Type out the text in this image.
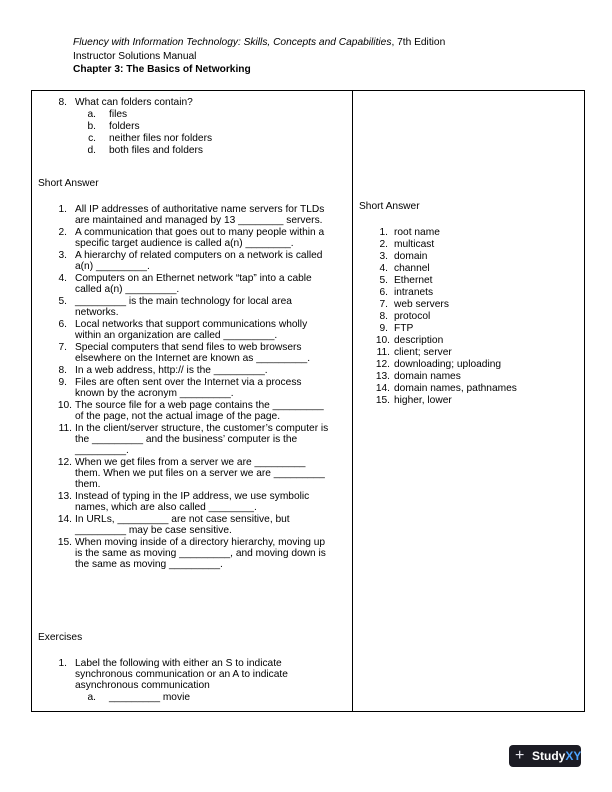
Fluency with Information Technology: Skills, Concepts and Capabilities, 7th Edition
Instructor Solutions Manual
Chapter 3: The Basics of Networking
8. What can folders contain?
a. files
b. folders
c. neither files nor folders
d. both files and folders
Short Answer
1. All IP addresses of authoritative name servers for TLDs
are maintained and managed by 13 ________ servers.
2. A communication that goes out to many people within a
specific target audience is called a(n) ________.
3. A hierarchy of related computers on a network is called
a(n) _________.
4. Computers on an Ethernet network “tap” into a cable
called a(n) _________.
5. _________ is the main technology for local area
networks.
6. Local networks that support communications wholly
within an organization are called _________.
7. Special computers that send files to web browsers
elsewhere on the Internet are known as _________.
8. In a web address, http:// is the _________.
9. Files are often sent over the Internet via a process
known by the acronym _________.
10. The source file for a web page contains the _________
of the page, not the actual image of the page.
11. In the client/server structure, the customer’s computer is
the _________ and the business’ computer is the
_________.
12. When we get files from a server we are _________
them. When we put files on a server we are _________
them.
13. Instead of typing in the IP address, we use symbolic
names, which are also called ________.
14. In URLs, _________ are not case sensitive, but
_________ may be case sensitive.
15. When moving inside of a directory hierarchy, moving up
is the same as moving _________, and moving down is
the same as moving _________.
Exercises
1. Label the following with either an S to indicate
synchronous communication or an A to indicate
asynchronous communication
a. _________ movie
Short Answer
1. root name
2. multicast
3. domain
4. channel
5. Ethernet
6. intranets
7. web servers
8. protocol
9. FTP
10. description
11. client; server
12. downloading; uploading
13. domain names
14. domain names, pathnames
15. higher, lower
+ StudyXY
